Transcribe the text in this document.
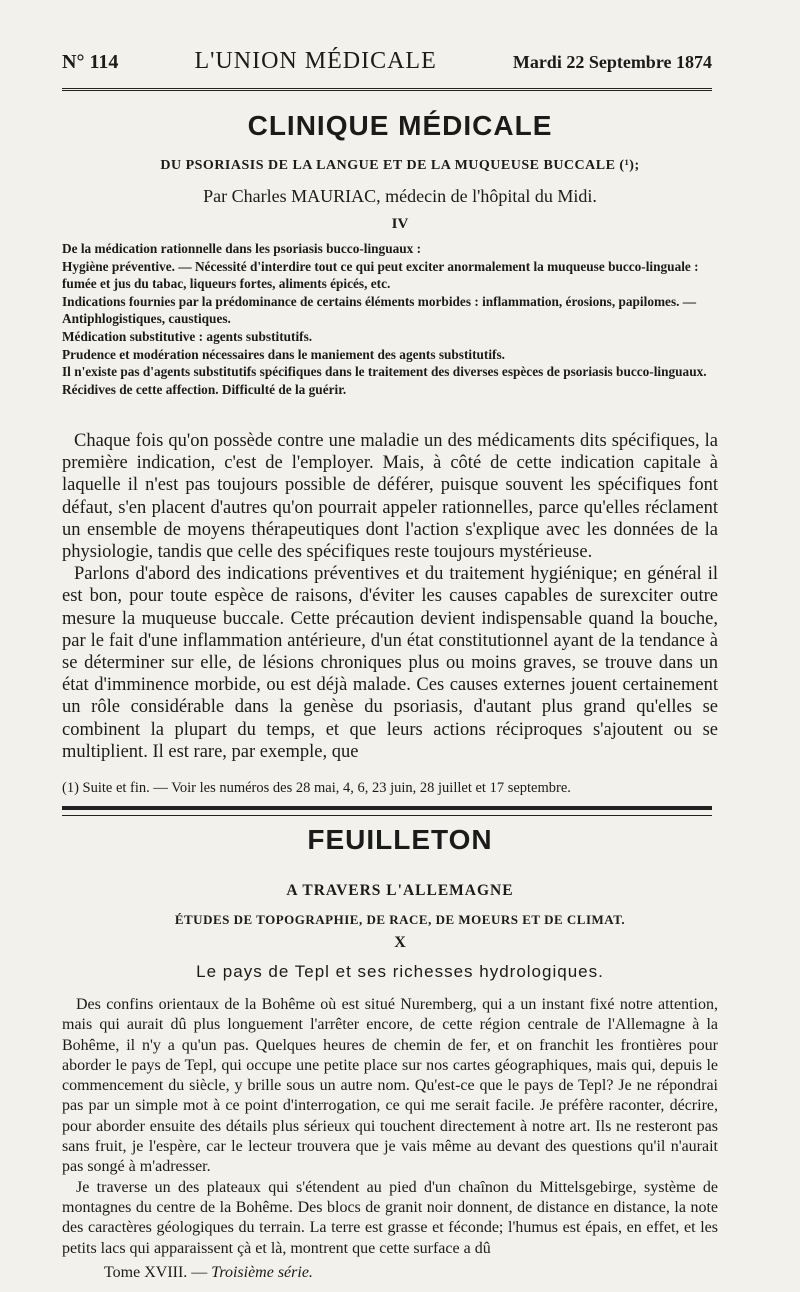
N° 114	L'UNION MÉDICALE	Mardi 22 Septembre 1874
CLINIQUE MÉDICALE
DU PSORIASIS DE LA LANGUE ET DE LA MUQUEUSE BUCCALE (¹);
Par Charles MAURIAC, médecin de l'hôpital du Midi.
IV

De la médication rationnelle dans les psoriasis bucco-linguaux :

Hygiène préventive. — Nécessité d'interdire tout ce qui peut exciter anormalement la muqueuse bucco-linguale : fumée et jus du tabac, liqueurs fortes, aliments épicés, etc.

Indications fournies par la prédominance de certains éléments morbides : inflammation, érosions, papilomes. — Antiphlogistiques, caustiques.

Médication substitutive : agents substitutifs.

Prudence et modération nécessaires dans le maniement des agents substitutifs.

Il n'existe pas d'agents substitutifs spécifiques dans le traitement des diverses espèces de psoriasis bucco-linguaux.

Récidives de cette affection. Difficulté de la guérir.

Chaque fois qu'on possède contre une maladie un des médicaments dits spécifiques, la première indication, c'est de l'employer. Mais, à côté de cette indication capitale à laquelle il n'est pas toujours possible de déférer, puisque souvent les spécifiques font défaut, s'en placent d'autres qu'on pourrait appeler rationnelles, parce qu'elles réclament un ensemble de moyens thérapeutiques dont l'action s'explique avec les données de la physiologie, tandis que celle des spécifiques reste toujours mystérieuse.

Parlons d'abord des indications préventives et du traitement hygiénique; en général il est bon, pour toute espèce de raisons, d'éviter les causes capables de surexciter outre mesure la muqueuse buccale. Cette précaution devient indispensable quand la bouche, par le fait d'une inflammation antérieure, d'un état constitutionnel ayant de la tendance à se déterminer sur elle, de lésions chroniques plus ou moins graves, se trouve dans un état d'imminence morbide, ou est déjà malade. Ces causes externes jouent certainement un rôle considérable dans la genèse du psoriasis, d'autant plus grand qu'elles se combinent la plupart du temps, et que leurs actions réciproques s'ajoutent ou se multiplient. Il est rare, par exemple, que

(1) Suite et fin. — Voir les numéros des 28 mai, 4, 6, 23 juin, 28 juillet et 17 septembre.
FEUILLETON
A TRAVERS L'ALLEMAGNE
ÉTUDES DE TOPOGRAPHIE, DE RACE, DE MOEURS ET DE CLIMAT.
X
Le pays de Tepl et ses richesses hydrologiques.

Des confins orientaux de la Bohême où est situé Nuremberg, qui a un instant fixé notre attention, mais qui aurait dû plus longuement l'arrêter encore, de cette région centrale de l'Allemagne à la Bohême, il n'y a qu'un pas. Quelques heures de chemin de fer, et on franchit les frontières pour aborder le pays de Tepl, qui occupe une petite place sur nos cartes géographiques, mais qui, depuis le commencement du siècle, y brille sous un autre nom. Qu'est-ce que le pays de Tepl? Je ne répondrai pas par un simple mot à ce point d'interrogation, ce qui me serait facile. Je préfère raconter, décrire, pour aborder ensuite des détails plus sérieux qui touchent directement à notre art. Ils ne resteront pas sans fruit, je l'espère, car le lecteur trouvera que je vais même au devant des questions qu'il n'aurait pas songé à m'adresser.

Je traverse un des plateaux qui s'étendent au pied d'un chaînon du Mittelsgebirge, système de montagnes du centre de la Bohême. Des blocs de granit noir donnent, de distance en distance, la note des caractères géologiques du terrain. La terre est grasse et féconde; l'humus est épais, en effet, et les petits lacs qui apparaissent çà et là, montrent que cette surface a dû

Tome XVIII. — Troisième série.
